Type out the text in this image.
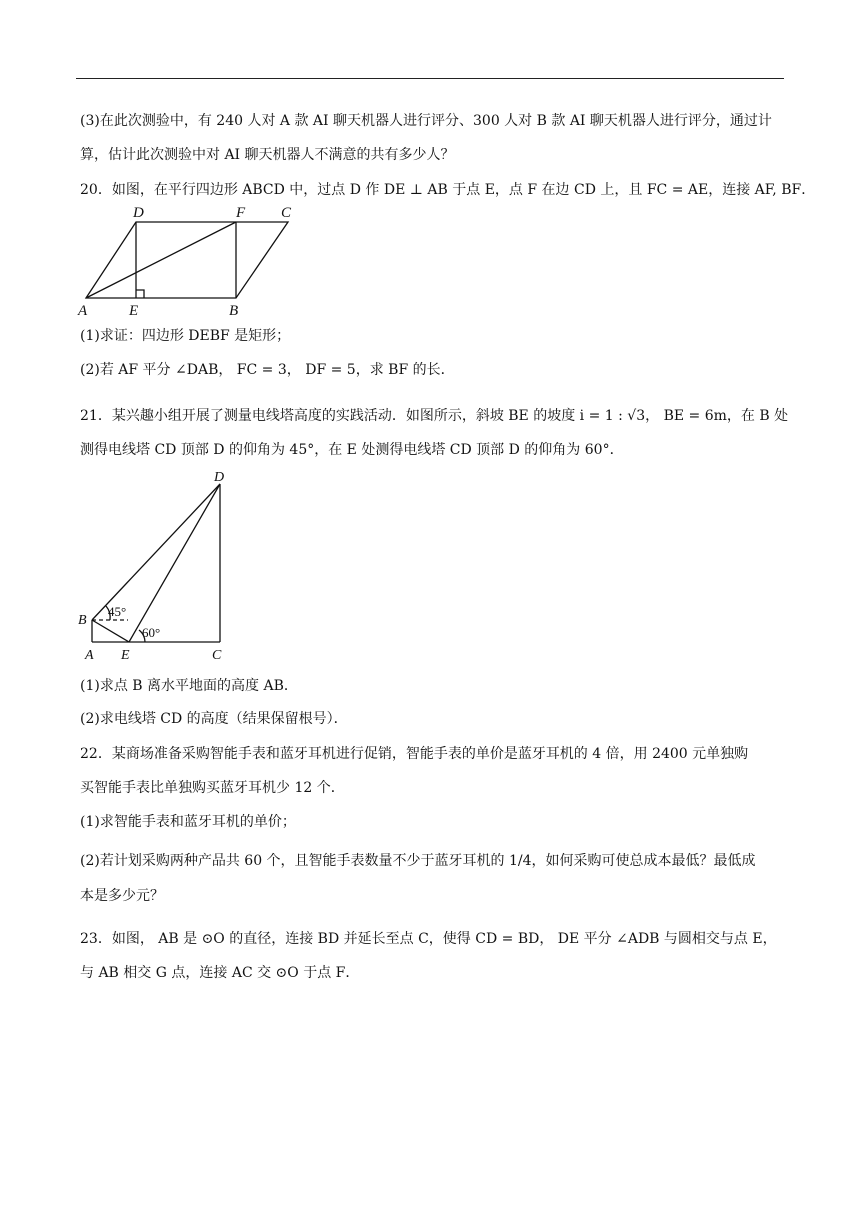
(3)在此次测验中，有 240 人对 A 款 AI 聊天机器人进行评分、300 人对 B 款 AI 聊天机器人进行评分，通过计
算，估计此次测验中对 AI 聊天机器人不满意的共有多少人？
20．如图，在平行四边形 ABCD 中，过点 D 作 DE ⊥ AB 于点 E，点 F 在边 CD 上，且 FC = AE，连接 AF, BF．
D	F C
A	E	B
(1)求证：四边形 DEBF 是矩形；
(2)若 AF 平分 ∠DAB， FC = 3， DF = 5，求 BF 的长．
21．某兴趣小组开展了测量电线塔高度的实践活动．如图所示，斜坡 BE 的坡度 i = 1 : √3， BE = 6m，在 B 处
测得电线塔 CD 顶部 D 的仰角为 45°，在 E 处测得电线塔 CD 顶部 D 的仰角为 60°．
D
B
A E	C
45°
60°
(1)求点 B 离水平地面的高度 AB．
(2)求电线塔 CD 的高度（结果保留根号）．
22．某商场准备采购智能手表和蓝牙耳机进行促销，智能手表的单价是蓝牙耳机的 4 倍，用 2400 元单独购
买智能手表比单独购买蓝牙耳机少 12 个．
(1)求智能手表和蓝牙耳机的单价；
(2)若计划采购两种产品共 60 个，且智能手表数量不少于蓝牙耳机的 1/4，如何采购可使总成本最低？最低成
本是多少元？
23．如图， AB 是 ⊙O 的直径，连接 BD 并延长至点 C，使得 CD = BD， DE 平分 ∠ADB 与圆相交与点 E，
与 AB 相交 G 点，连接 AC 交 ⊙O 于点 F．
